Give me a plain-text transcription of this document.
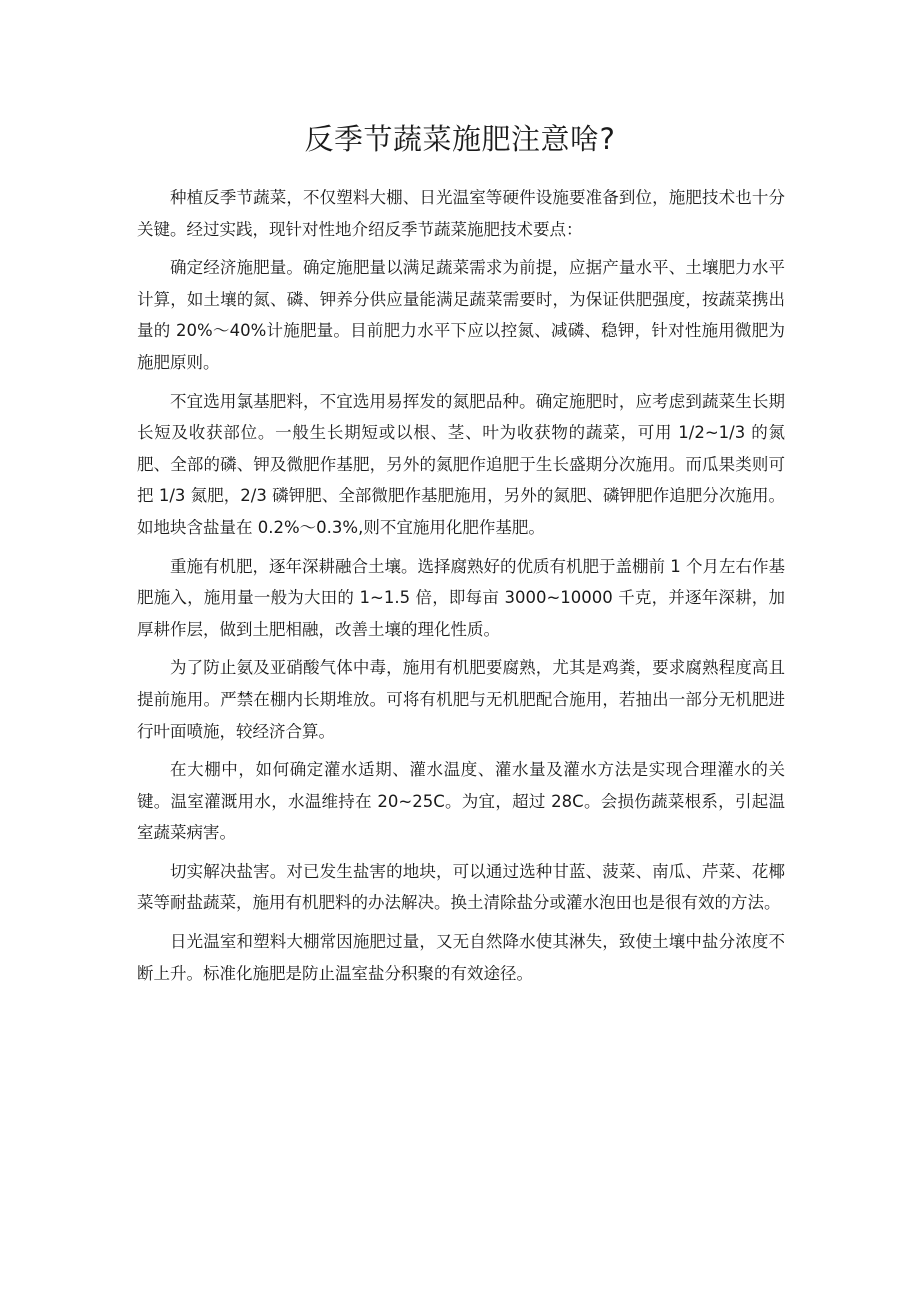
反季节蔬菜施肥注意啥?

种植反季节蔬菜，不仅塑料大棚、日光温室等硬件设施要准备到位，施肥技术也十分关键。经过实践，现针对性地介绍反季节蔬菜施肥技术要点：

确定经济施肥量。确定施肥量以满足蔬菜需求为前提，应据产量水平、土壤肥力水平计算，如土壤的氮、磷、钾养分供应量能满足蔬菜需要时，为保证供肥强度，按蔬菜携出量的 20%～40%计施肥量。目前肥力水平下应以控氮、减磷、稳钾，针对性施用微肥为施肥原则。

不宜选用氯基肥料，不宜选用易挥发的氮肥品种。确定施肥时，应考虑到蔬菜生长期长短及收获部位。一般生长期短或以根、茎、叶为收获物的蔬菜，可用 1/2~1/3 的氮肥、全部的磷、钾及微肥作基肥，另外的氮肥作追肥于生长盛期分次施用。而瓜果类则可把 1/3 氮肥，2/3 磷钾肥、全部微肥作基肥施用，另外的氮肥、磷钾肥作追肥分次施用。如地块含盐量在 0.2%～0.3%,则不宜施用化肥作基肥。

重施有机肥，逐年深耕融合土壤。选择腐熟好的优质有机肥于盖棚前 1 个月左右作基肥施入，施用量一般为大田的 1~1.5 倍，即每亩 3000~10000 千克，并逐年深耕，加厚耕作层，做到土肥相融，改善土壤的理化性质。

为了防止氨及亚硝酸气体中毒，施用有机肥要腐熟，尤其是鸡粪，要求腐熟程度高且提前施用。严禁在棚内长期堆放。可将有机肥与无机肥配合施用，若抽出一部分无机肥进行叶面喷施，较经济合算。

在大棚中，如何确定灌水适期、灌水温度、灌水量及灌水方法是实现合理灌水的关键。温室灌溉用水，水温维持在 20~25C。为宜，超过 28C。会损伤蔬菜根系，引起温室蔬菜病害。

切实解决盐害。对已发生盐害的地块，可以通过选种甘蓝、菠菜、南瓜、芹菜、花椰菜等耐盐蔬菜，施用有机肥料的办法解决。换土清除盐分或灌水泡田也是很有效的方法。

日光温室和塑料大棚常因施肥过量，又无自然降水使其淋失，致使土壤中盐分浓度不断上升。标准化施肥是防止温室盐分积聚的有效途径。
